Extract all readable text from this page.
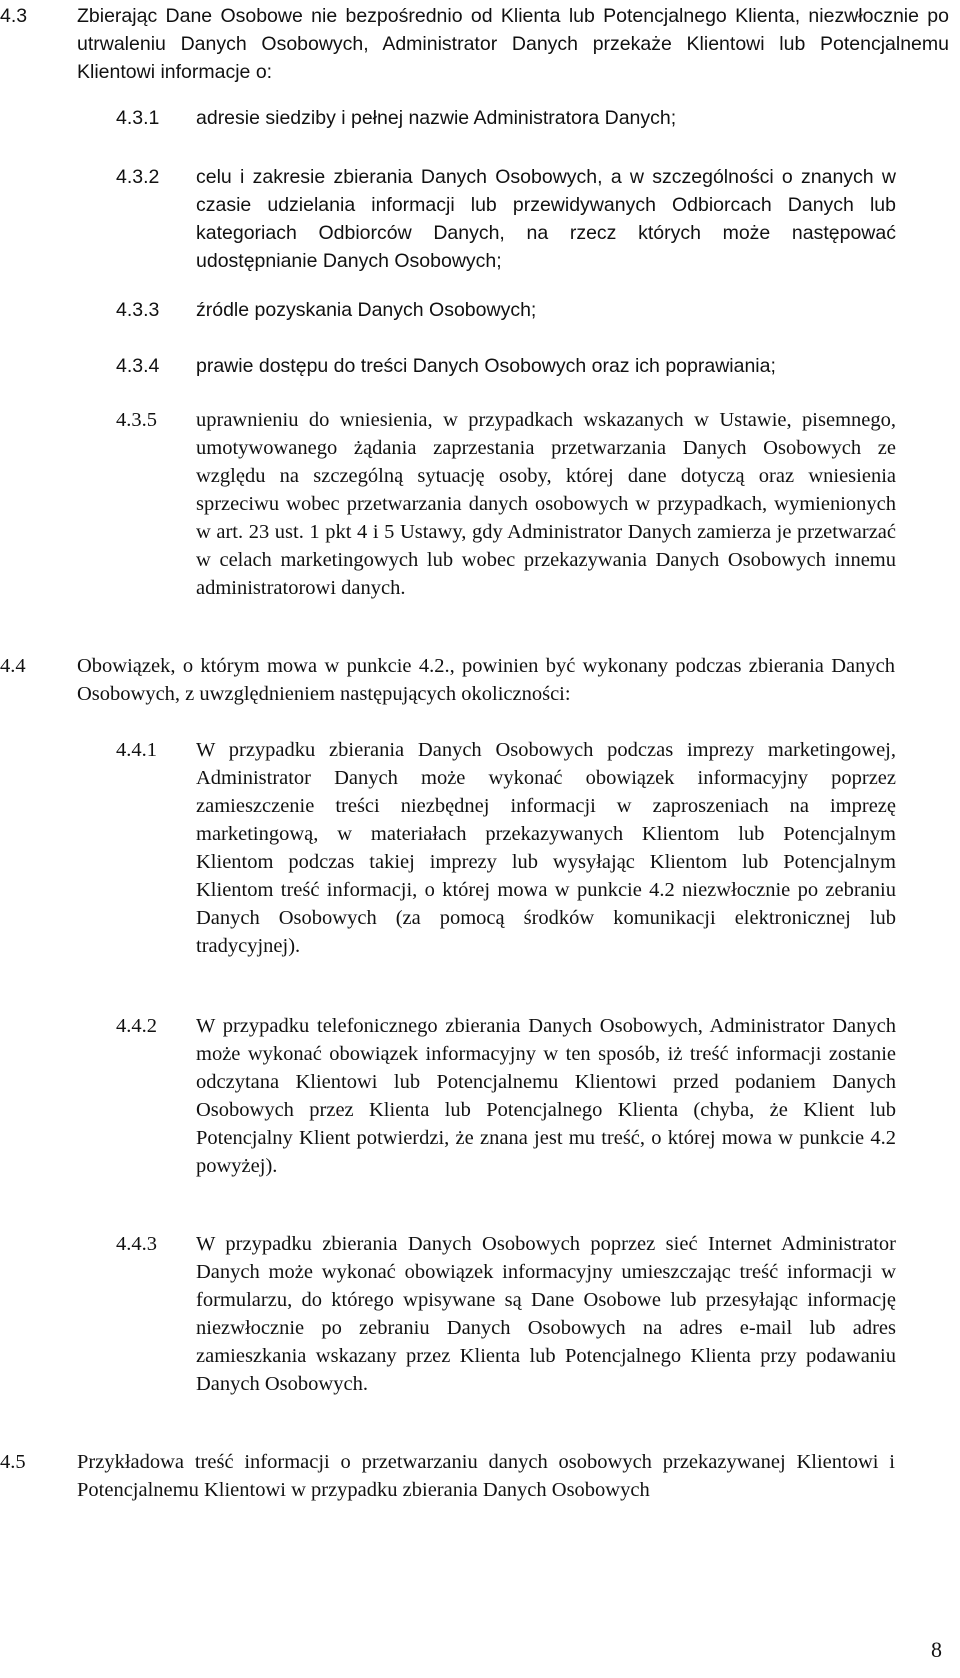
4.3	Zbierając Dane Osobowe nie bezpośrednio od Klienta lub Potencjalnego Klienta, niezwłocznie po utrwaleniu Danych Osobowych, Administrator Danych przekaże Klientowi lub Potencjalnemu Klientowi informacje o:
4.3.1 adresie siedziby i pełnej nazwie Administratora Danych;
4.3.2 celu i zakresie zbierania Danych Osobowych, a w szczególności o znanych w czasie udzielania informacji lub przewidywanych Odbiorcach Danych lub kategoriach Odbiorców Danych, na rzecz których może następować udostępnianie Danych Osobowych;
4.3.3 źródle pozyskania Danych Osobowych;
4.3.4 prawie dostępu do treści Danych Osobowych oraz ich poprawiania;
4.3.5 uprawnieniu do wniesienia, w przypadkach wskazanych w Ustawie, pisemnego, umotywowanego żądania zaprzestania przetwarzania Danych Osobowych ze względu na szczególną sytuację osoby, której dane dotyczą oraz wniesienia sprzeciwu wobec przetwarzania danych osobowych w przypadkach, wymienionych w art. 23 ust. 1 pkt 4 i 5 Ustawy, gdy Administrator Danych zamierza je przetwarzać w celach marketingowych lub wobec przekazywania Danych Osobowych innemu administratorowi danych.
4.4	Obowiązek, o którym mowa w punkcie 4.2., powinien być wykonany podczas zbierania Danych Osobowych, z uwzględnieniem następujących okoliczności:
4.4.1 W przypadku zbierania Danych Osobowych podczas imprezy marketingowej, Administrator Danych może wykonać obowiązek informacyjny poprzez zamieszczenie treści niezbędnej informacji w zaproszeniach na imprezę marketingową, w materiałach przekazywanych Klientom lub Potencjalnym Klientom podczas takiej imprezy lub wysyłając Klientom lub Potencjalnym Klientom treść informacji, o której mowa w punkcie 4.2 niezwłocznie po zebraniu Danych Osobowych (za pomocą środków komunikacji elektronicznej lub tradycyjnej).
4.4.2 W przypadku telefonicznego zbierania Danych Osobowych, Administrator Danych może wykonać obowiązek informacyjny w ten sposób, iż treść informacji zostanie odczytana Klientowi lub Potencjalnemu Klientowi przed podaniem Danych Osobowych przez Klienta lub Potencjalnego Klienta (chyba, że Klient lub Potencjalny Klient potwierdzi, że znana jest mu treść, o której mowa w punkcie 4.2 powyżej).
4.4.3 W przypadku zbierania Danych Osobowych poprzez sieć Internet Administrator Danych może wykonać obowiązek informacyjny umieszczając treść informacji w formularzu, do którego wpisywane są Dane Osobowe lub przesyłając informację niezwłocznie po zebraniu Danych Osobowych na adres e-mail lub adres zamieszkania wskazany przez Klienta lub Potencjalnego Klienta przy podawaniu Danych Osobowych.
4.5	Przykładowa treść informacji o przetwarzaniu danych osobowych przekazywanej Klientowi i Potencjalnemu Klientowi w przypadku zbierania Danych Osobowych
8
